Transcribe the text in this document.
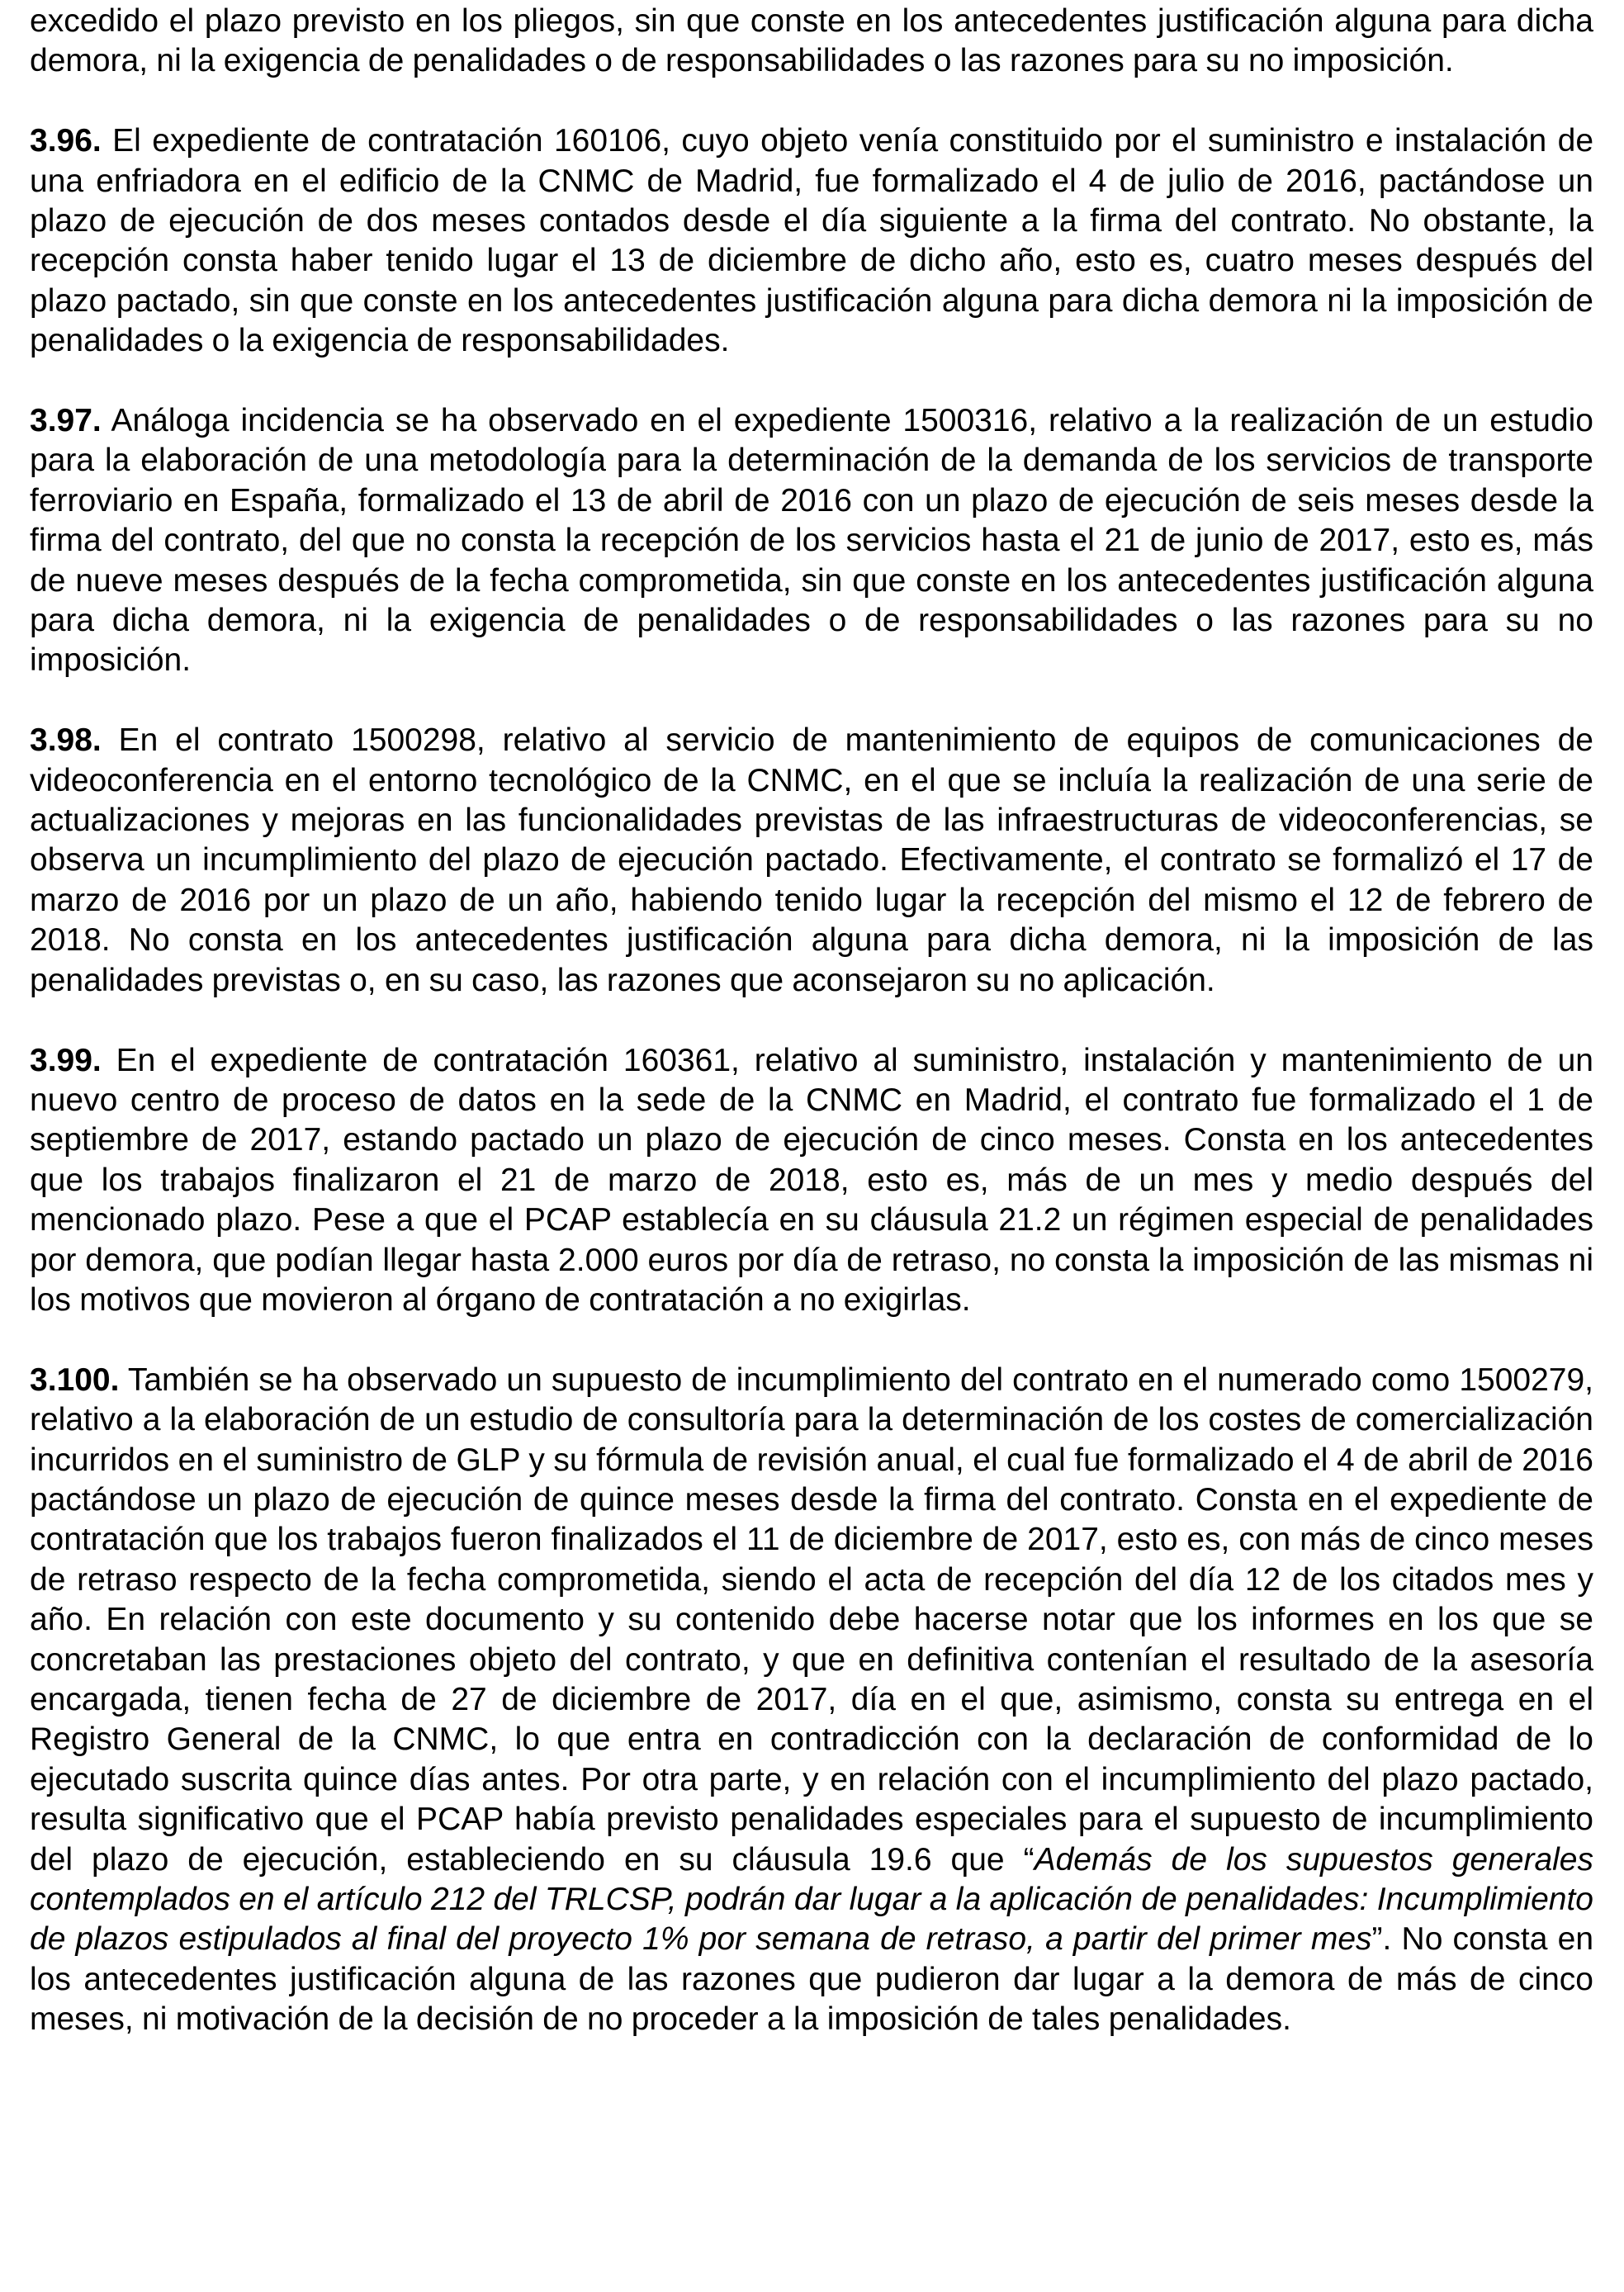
excedido el plazo previsto en los pliegos, sin que conste en los antecedentes justificación alguna para dicha demora, ni la exigencia de penalidades o de responsabilidades o las razones para su no imposición.

3.96. El expediente de contratación 160106, cuyo objeto venía constituido por el suministro e instalación de una enfriadora en el edificio de la CNMC de Madrid, fue formalizado el 4 de julio de 2016, pactándose un plazo de ejecución de dos meses contados desde el día siguiente a la firma del contrato. No obstante, la recepción consta haber tenido lugar el 13 de diciembre de dicho año, esto es, cuatro meses después del plazo pactado, sin que conste en los antecedentes justificación alguna para dicha demora ni la imposición de penalidades o la exigencia de responsabilidades.

3.97. Análoga incidencia se ha observado en el expediente 1500316, relativo a la realización de un estudio para la elaboración de una metodología para la determinación de la demanda de los servicios de transporte ferroviario en España, formalizado el 13 de abril de 2016 con un plazo de ejecución de seis meses desde la firma del contrato, del que no consta la recepción de los servicios hasta el 21 de junio de 2017, esto es, más de nueve meses después de la fecha comprometida, sin que conste en los antecedentes justificación alguna para dicha demora, ni la exigencia de penalidades o de responsabilidades o las razones para su no imposición.

3.98. En el contrato 1500298, relativo al servicio de mantenimiento de equipos de comunicaciones de videoconferencia en el entorno tecnológico de la CNMC, en el que se incluía la realización de una serie de actualizaciones y mejoras en las funcionalidades previstas de las infraestructuras de videoconferencias, se observa un incumplimiento del plazo de ejecución pactado. Efectivamente, el contrato se formalizó el 17 de marzo de 2016 por un plazo de un año, habiendo tenido lugar la recepción del mismo el 12 de febrero de 2018. No consta en los antecedentes justificación alguna para dicha demora, ni la imposición de las penalidades previstas o, en su caso, las razones que aconsejaron su no aplicación.

3.99. En el expediente de contratación 160361, relativo al suministro, instalación y mantenimiento de un nuevo centro de proceso de datos en la sede de la CNMC en Madrid, el contrato fue formalizado el 1 de septiembre de 2017, estando pactado un plazo de ejecución de cinco meses. Consta en los antecedentes que los trabajos finalizaron el 21 de marzo de 2018, esto es, más de un mes y medio después del mencionado plazo. Pese a que el PCAP establecía en su cláusula 21.2 un régimen especial de penalidades por demora, que podían llegar hasta 2.000 euros por día de retraso, no consta la imposición de las mismas ni los motivos que movieron al órgano de contratación a no exigirlas.

3.100. También se ha observado un supuesto de incumplimiento del contrato en el numerado como 1500279, relativo a la elaboración de un estudio de consultoría para la determinación de los costes de comercialización incurridos en el suministro de GLP y su fórmula de revisión anual, el cual fue formalizado el 4 de abril de 2016 pactándose un plazo de ejecución de quince meses desde la firma del contrato. Consta en el expediente de contratación que los trabajos fueron finalizados el 11 de diciembre de 2017, esto es, con más de cinco meses de retraso respecto de la fecha comprometida, siendo el acta de recepción del día 12 de los citados mes y año. En relación con este documento y su contenido debe hacerse notar que los informes en los que se concretaban las prestaciones objeto del contrato, y que en definitiva contenían el resultado de la asesoría encargada, tienen fecha de 27 de diciembre de 2017, día en el que, asimismo, consta su entrega en el Registro General de la CNMC, lo que entra en contradicción con la declaración de conformidad de lo ejecutado suscrita quince días antes. Por otra parte, y en relación con el incumplimiento del plazo pactado, resulta significativo que el PCAP había previsto penalidades especiales para el supuesto de incumplimiento del plazo de ejecución, estableciendo en su cláusula 19.6 que “Además de los supuestos generales contemplados en el artículo 212 del TRLCSP, podrán dar lugar a la aplicación de penalidades: Incumplimiento de plazos estipulados al final del proyecto 1% por semana de retraso, a partir del primer mes”. No consta en los antecedentes justificación alguna de las razones que pudieron dar lugar a la demora de más de cinco meses, ni motivación de la decisión de no proceder a la imposición de tales penalidades.
